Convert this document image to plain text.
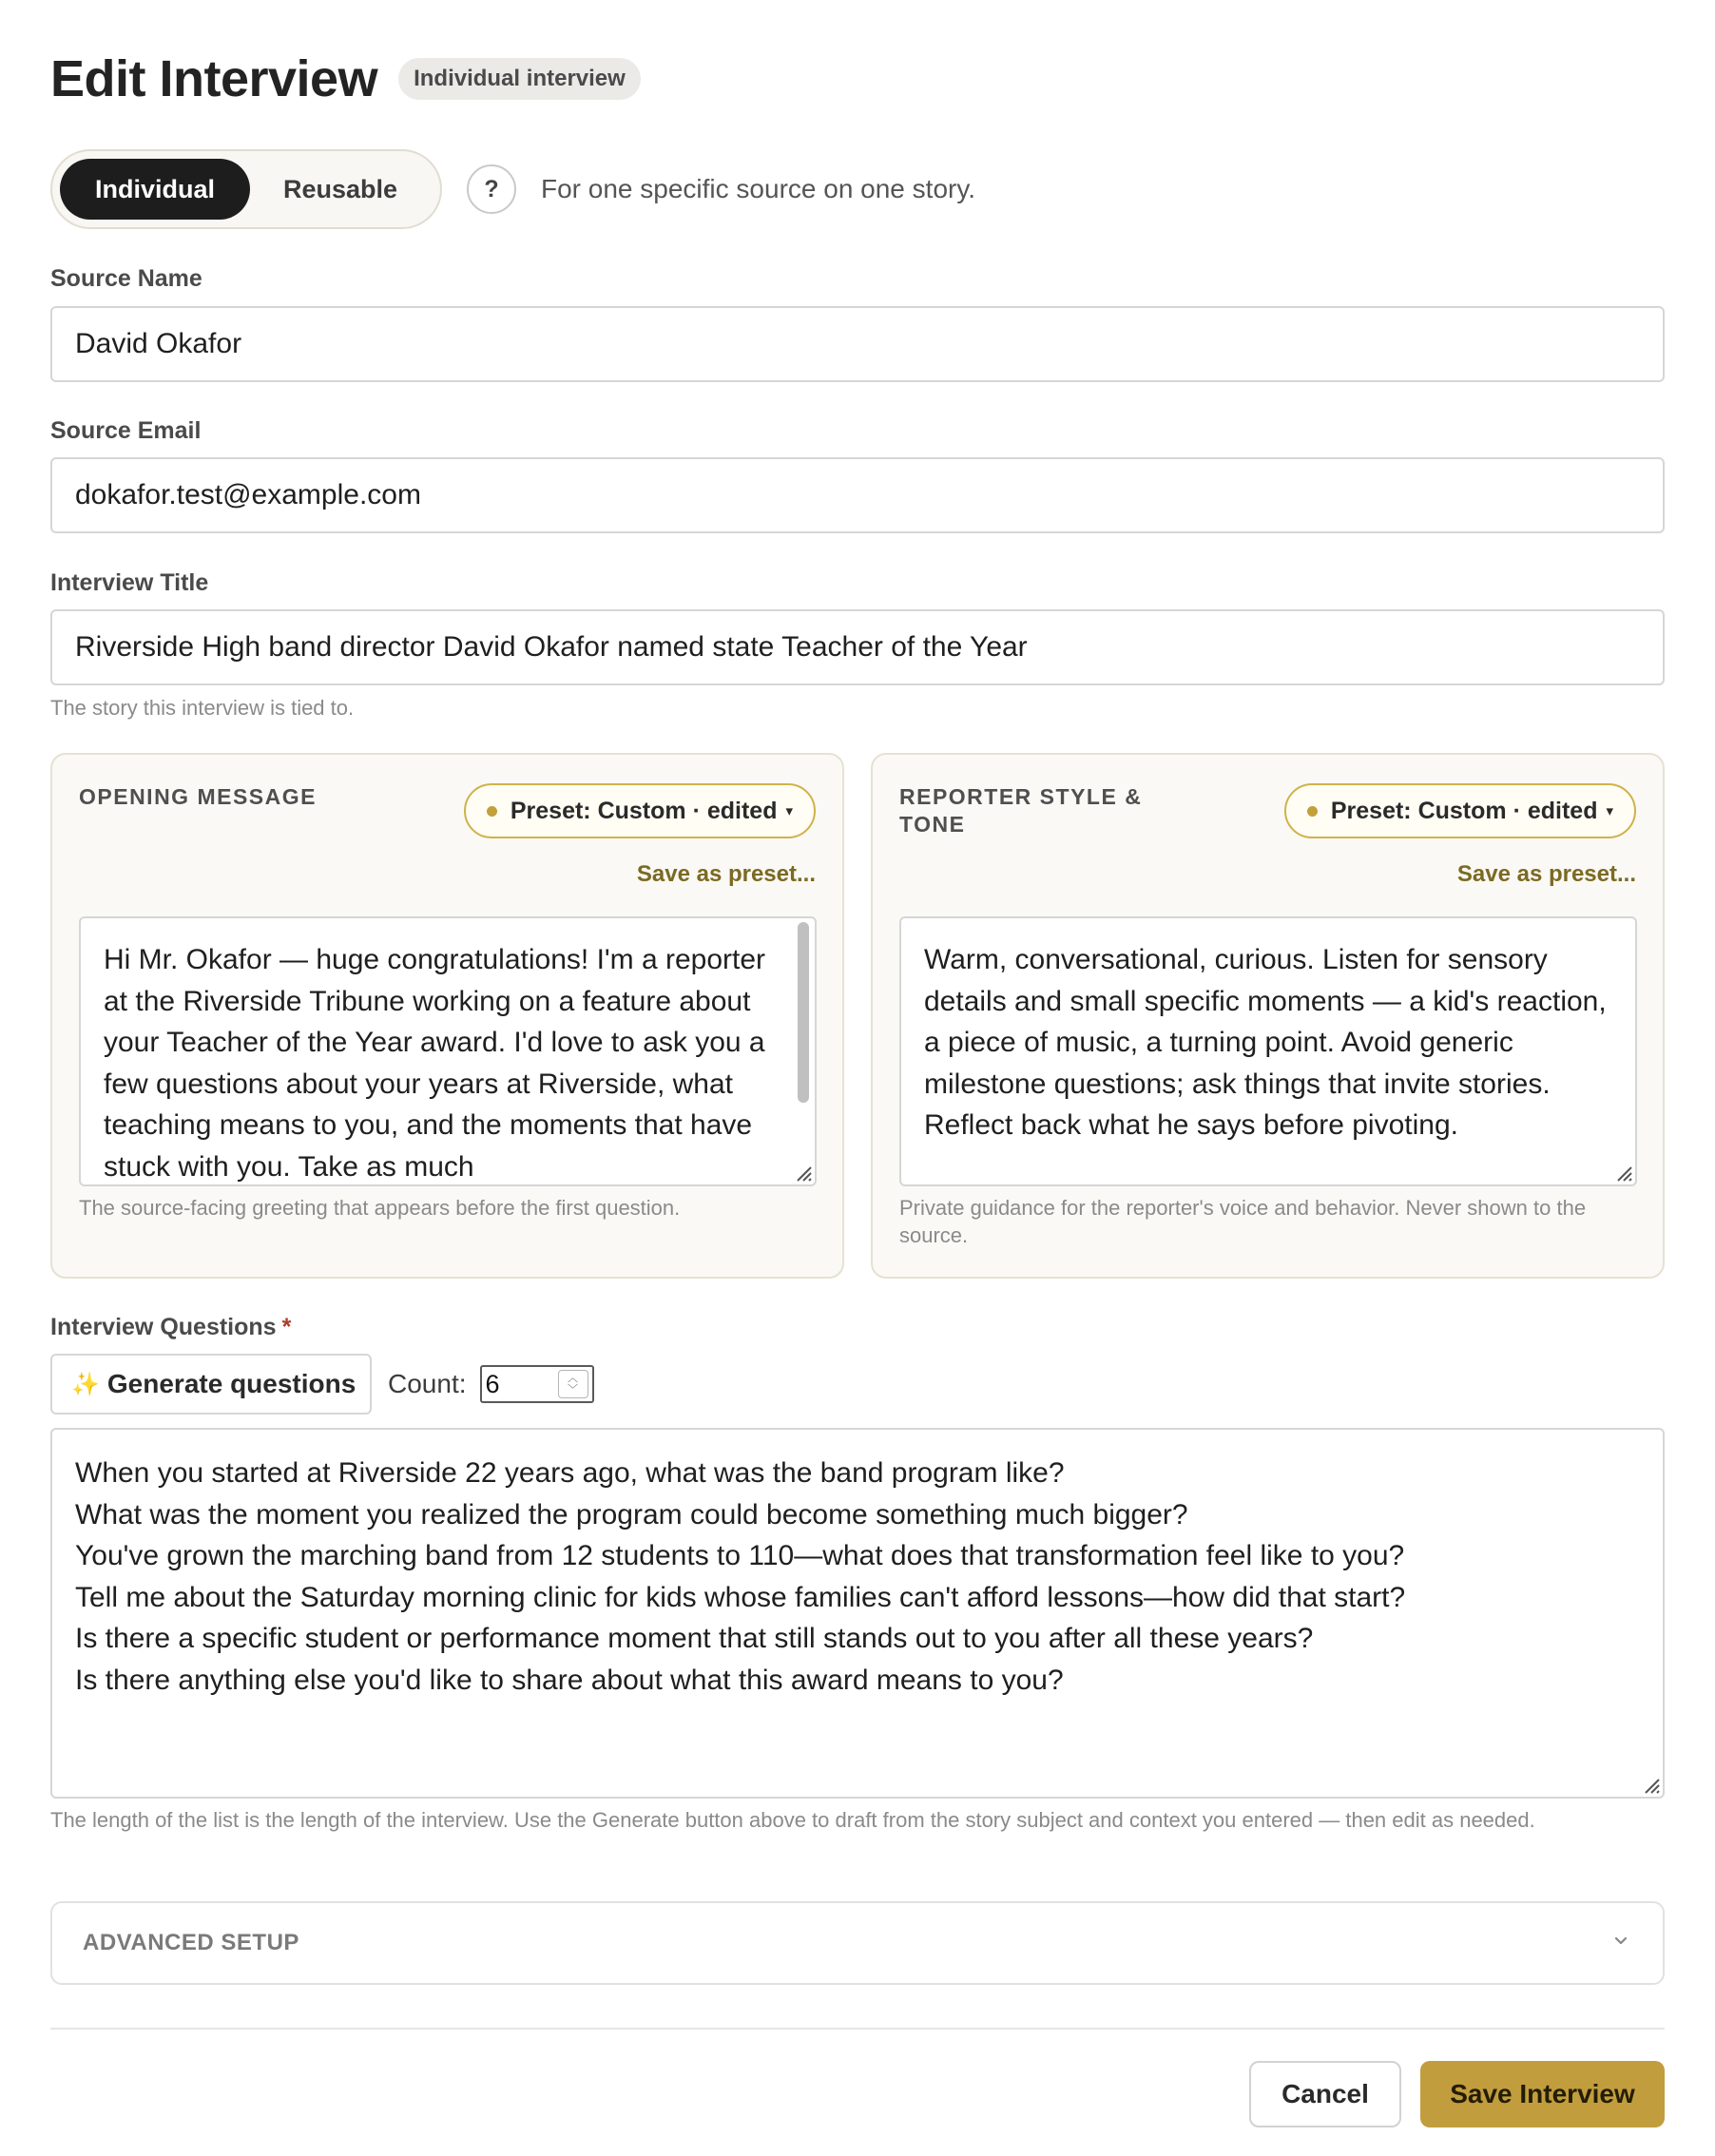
Edit Interview	Individual interview
Individual	Reusable	?	For one specific source on one story.
Source Name
David Okafor
Source Email
dokafor.test@example.com
Interview Title
Riverside High band director David Okafor named state Teacher of the Year
The story this interview is tied to.
OPENING MESSAGE
Preset: Custom · edited ▾
Save as preset...
Hi Mr. Okafor — huge congratulations! I'm a reporter at the Riverside Tribune working on a feature about your Teacher of the Year award. I'd love to ask you a few questions about your years at Riverside, what teaching means to you, and the moments that have stuck with you. Take as much
The source-facing greeting that appears before the first question.
REPORTER STYLE & TONE
Preset: Custom · edited ▾
Save as preset...
Warm, conversational, curious. Listen for sensory details and small specific moments — a kid's reaction, a piece of music, a turning point. Avoid generic milestone questions; ask things that invite stories. Reflect back what he says before pivoting.
Private guidance for the reporter's voice and behavior. Never shown to the source.
Interview Questions *
✨ Generate questions Count: 6	︿
﹀
When you started at Riverside 22 years ago, what was the band program like?
What was the moment you realized the program could become something much bigger?
You've grown the marching band from 12 students to 110—what does that transformation feel like to you?
Tell me about the Saturday morning clinic for kids whose families can't afford lessons—how did that start?
Is there a specific student or performance moment that still stands out to you after all these years?
Is there anything else you'd like to share about what this award means to you?
The length of the list is the length of the interview. Use the Generate button above to draft from the story subject and context you entered — then edit as needed.
ADVANCED SETUP
Cancel	Save Interview
